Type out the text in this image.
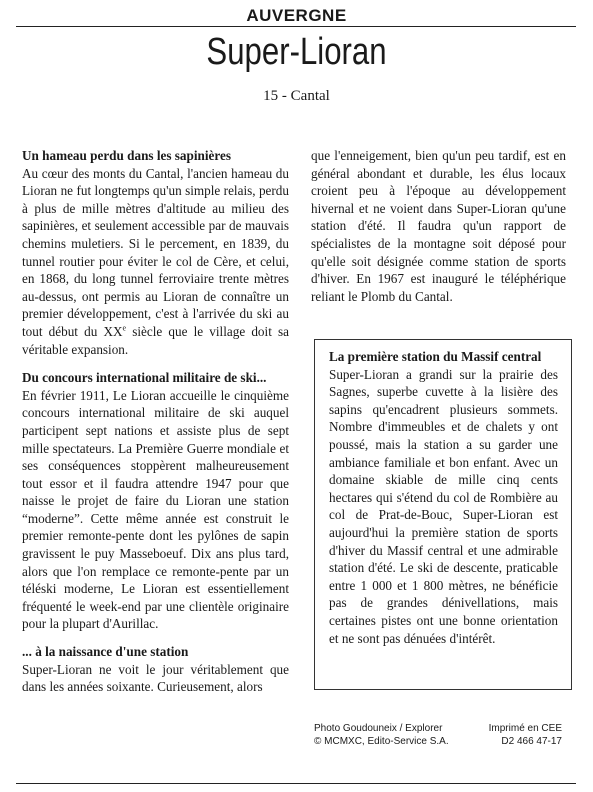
AUVERGNE
Super-Lioran
15 - Cantal
Un hameau perdu dans les sapinières

Au cœur des monts du Cantal, l'ancien hameau du Lioran ne fut longtemps qu'un simple relais, perdu à plus de mille mètres d'altitude au milieu des sapinières, et seulement accessible par de mauvais chemins muletiers. Si le percement, en 1839, du tunnel routier pour éviter le col de Cère, et celui, en 1868, du long tunnel ferroviaire trente mètres au-dessus, ont permis au Lioran de connaître un premier développement, c'est à l'arrivée du ski au tout début du XXe siècle que le village doit sa véritable expansion.

Du concours international militaire de ski...

En février 1911, Le Lioran accueille le cinquième concours international militaire de ski auquel participent sept nations et assiste plus de sept mille spectateurs. La Première Guerre mondiale et ses conséquences stoppèrent malheureusement tout essor et il faudra attendre 1947 pour que naisse le projet de faire du Lioran une station “moderne”. Cette même année est construit le premier remonte-pente dont les pylônes de sapin gravissent le puy Masseboeuf. Dix ans plus tard, alors que l'on remplace ce remonte-pente par un téléski moderne, Le Lioran est essentiellement fréquenté le week-end par une clientèle originaire pour la plupart d'Aurillac.

... à la naissance d'une station

Super-Lioran ne voit le jour véritablement que dans les années soixante. Curieusement, alors

que l'enneigement, bien qu'un peu tardif, est en général abondant et durable, les élus locaux croient peu à l'époque au développement hivernal et ne voient dans Super-Lioran qu'une station d'été. Il faudra qu'un rapport de spécialistes de la montagne soit déposé pour qu'elle soit désignée comme station de sports d'hiver. En 1967 est inauguré le téléphérique reliant le Plomb du Cantal.

La première station du Massif central

Super-Lioran a grandi sur la prairie des Sagnes, superbe cuvette à la lisière des sapins qu'encadrent plusieurs sommets. Nombre d'immeubles et de chalets y ont poussé, mais la station a su garder une ambiance familiale et bon enfant. Avec un domaine skiable de mille cinq cents hectares qui s'étend du col de Rombière au col de Prat-de-Bouc, Super-Lioran est aujourd'hui la première station de sports d'hiver du Massif central et une admirable station d'été. Le ski de descente, praticable entre 1 000 et 1 800 mètres, ne bénéficie pas de grandes dénivellations, mais certaines pistes ont une bonne orientation et ne sont pas dénuées d'intérêt.

Photo Goudouneix / Explorer
© MCMXC, Edito-Service S.A.
Imprimé en CEE
D2 466 47-17
